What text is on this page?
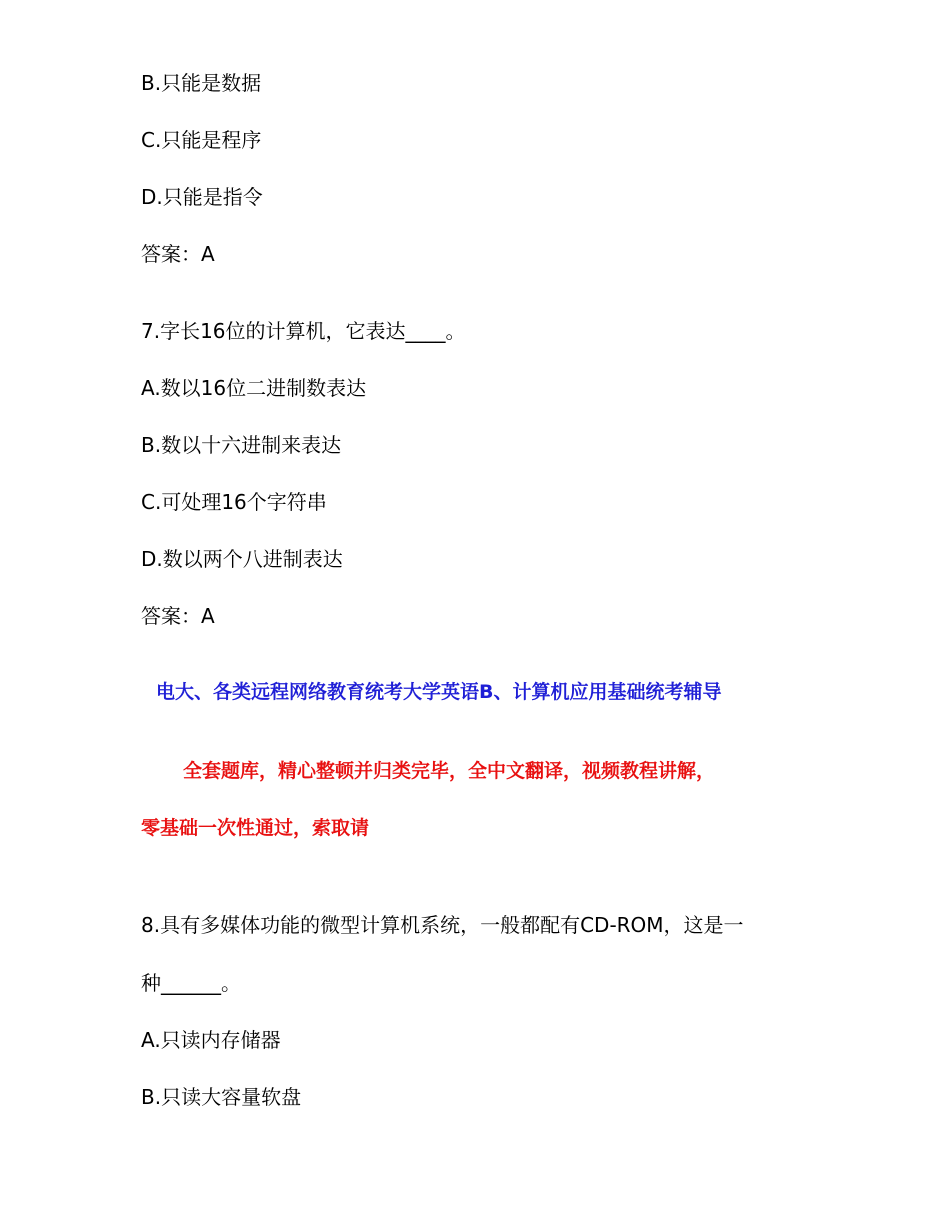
B.只能是数据
C.只能是程序
D.只能是指令
答案：A
7.字长16位的计算机，它表达____。
A.数以16位二进制数表达
B.数以十六进制来表达
C.可处理16个字符串
D.数以两个八进制表达
答案：A
电大、各类远程网络教育统考大学英语B、计算机应用基础统考辅导
全套题库，精心整顿并归类完毕，全中文翻译，视频教程讲解，
零基础一次性通过，索取请
8.具有多媒体功能的微型计算机系统，一般都配有CD-ROM，这是一
种______。
A.只读内存储器
B.只读大容量软盘
